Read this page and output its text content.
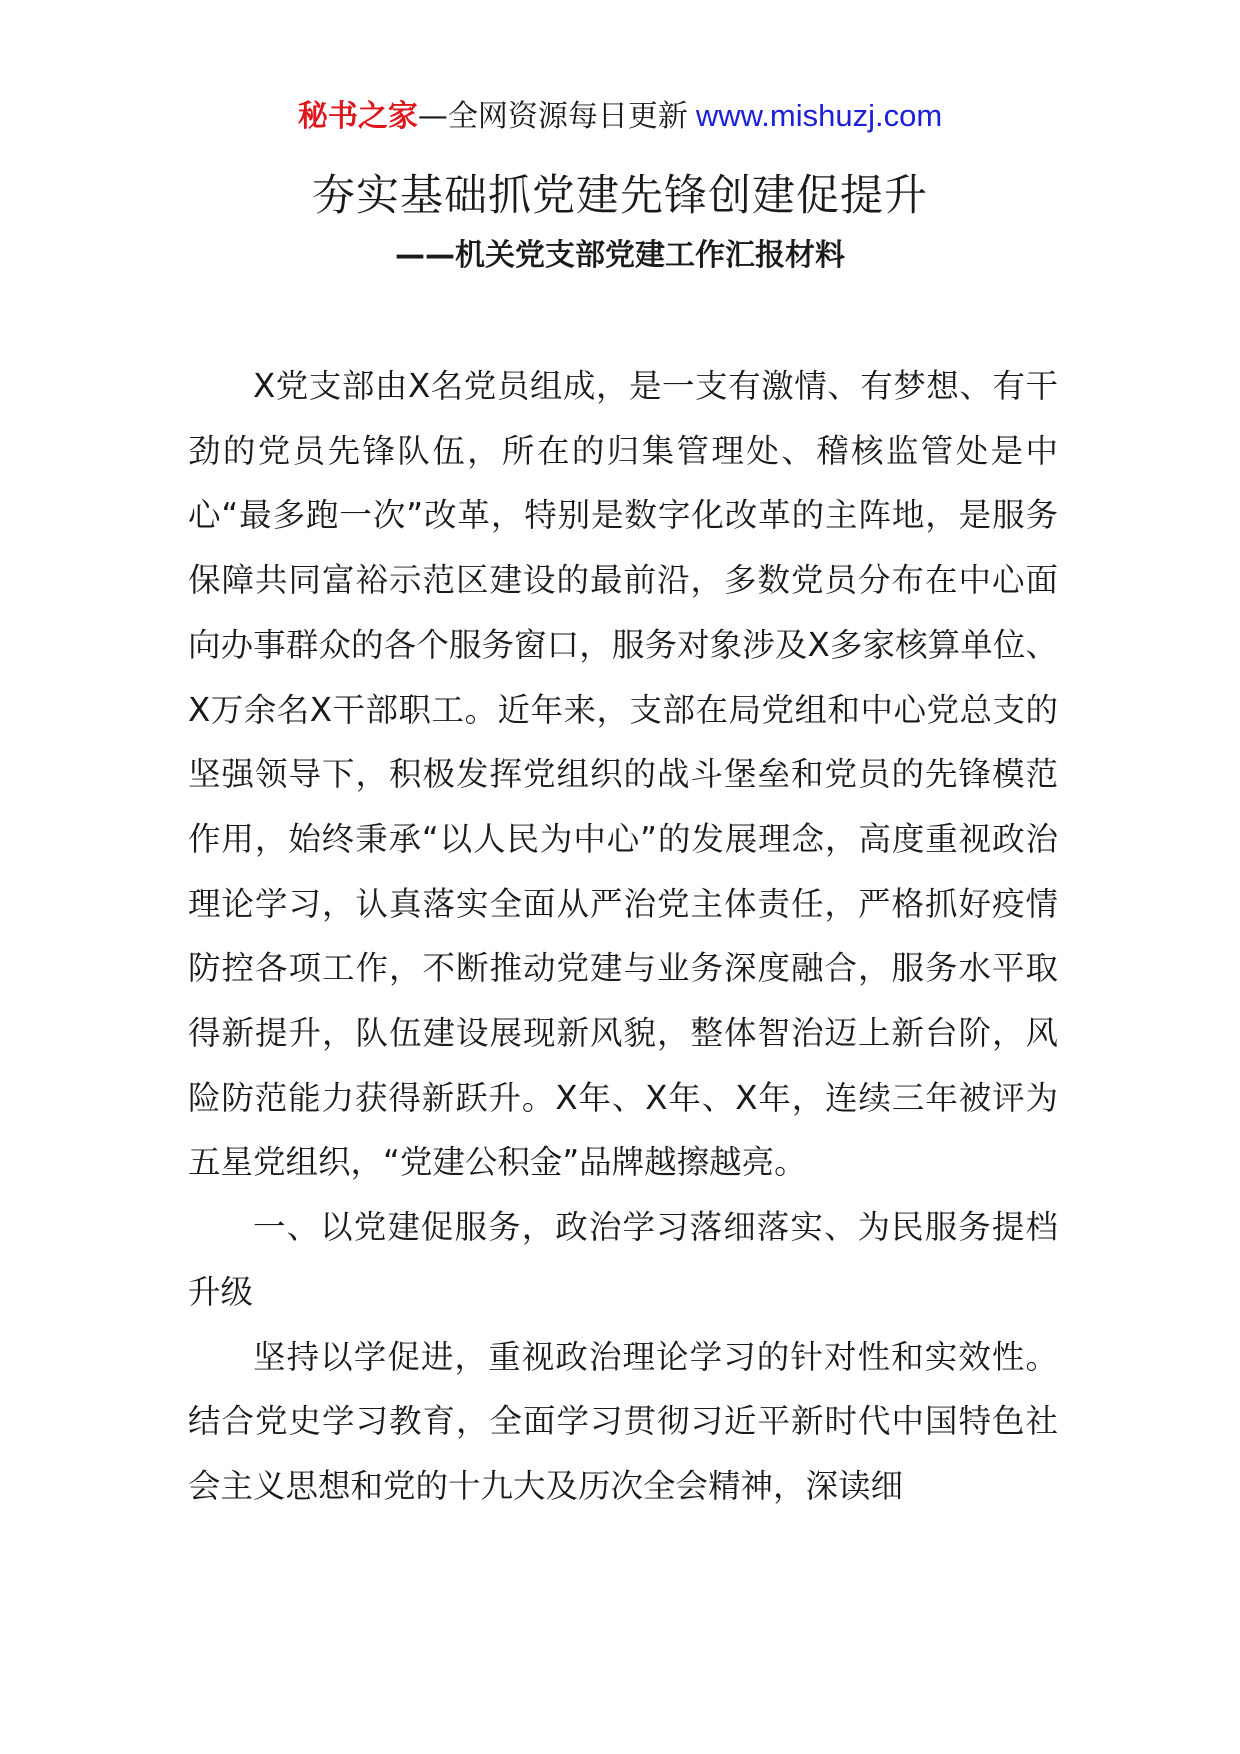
秘书之家—全网资源每日更新 www.mishuzj.com
夯实基础抓党建先锋创建促提升
——机关党支部党建工作汇报材料

X党支部由X名党员组成，是一支有激情、有梦想、有干劲的党员先锋队伍，所在的归集管理处、稽核监管处是中心“最多跑一次”改革，特别是数字化改革的主阵地，是服务保障共同富裕示范区建设的最前沿，多数党员分布在中心面向办事群众的各个服务窗口，服务对象涉及X多家核算单位、X万余名X干部职工。近年来，支部在局党组和中心党总支的坚强领导下，积极发挥党组织的战斗堡垒和党员的先锋模范作用，始终秉承“以人民为中心”的发展理念，高度重视政治理论学习，认真落实全面从严治党主体责任，严格抓好疫情防控各项工作，不断推动党建与业务深度融合，服务水平取得新提升，队伍建设展现新风貌，整体智治迈上新台阶，风险防范能力获得新跃升。X年、X年、X年，连续三年被评为五星党组织，“党建公积金”品牌越擦越亮。

一、以党建促服务，政治学习落细落实、为民服务提档升级

坚持以学促进，重视政治理论学习的针对性和实效性。结合党史学习教育，全面学习贯彻习近平新时代中国特色社会主义思想和党的十九大及历次全会精神，深读细
